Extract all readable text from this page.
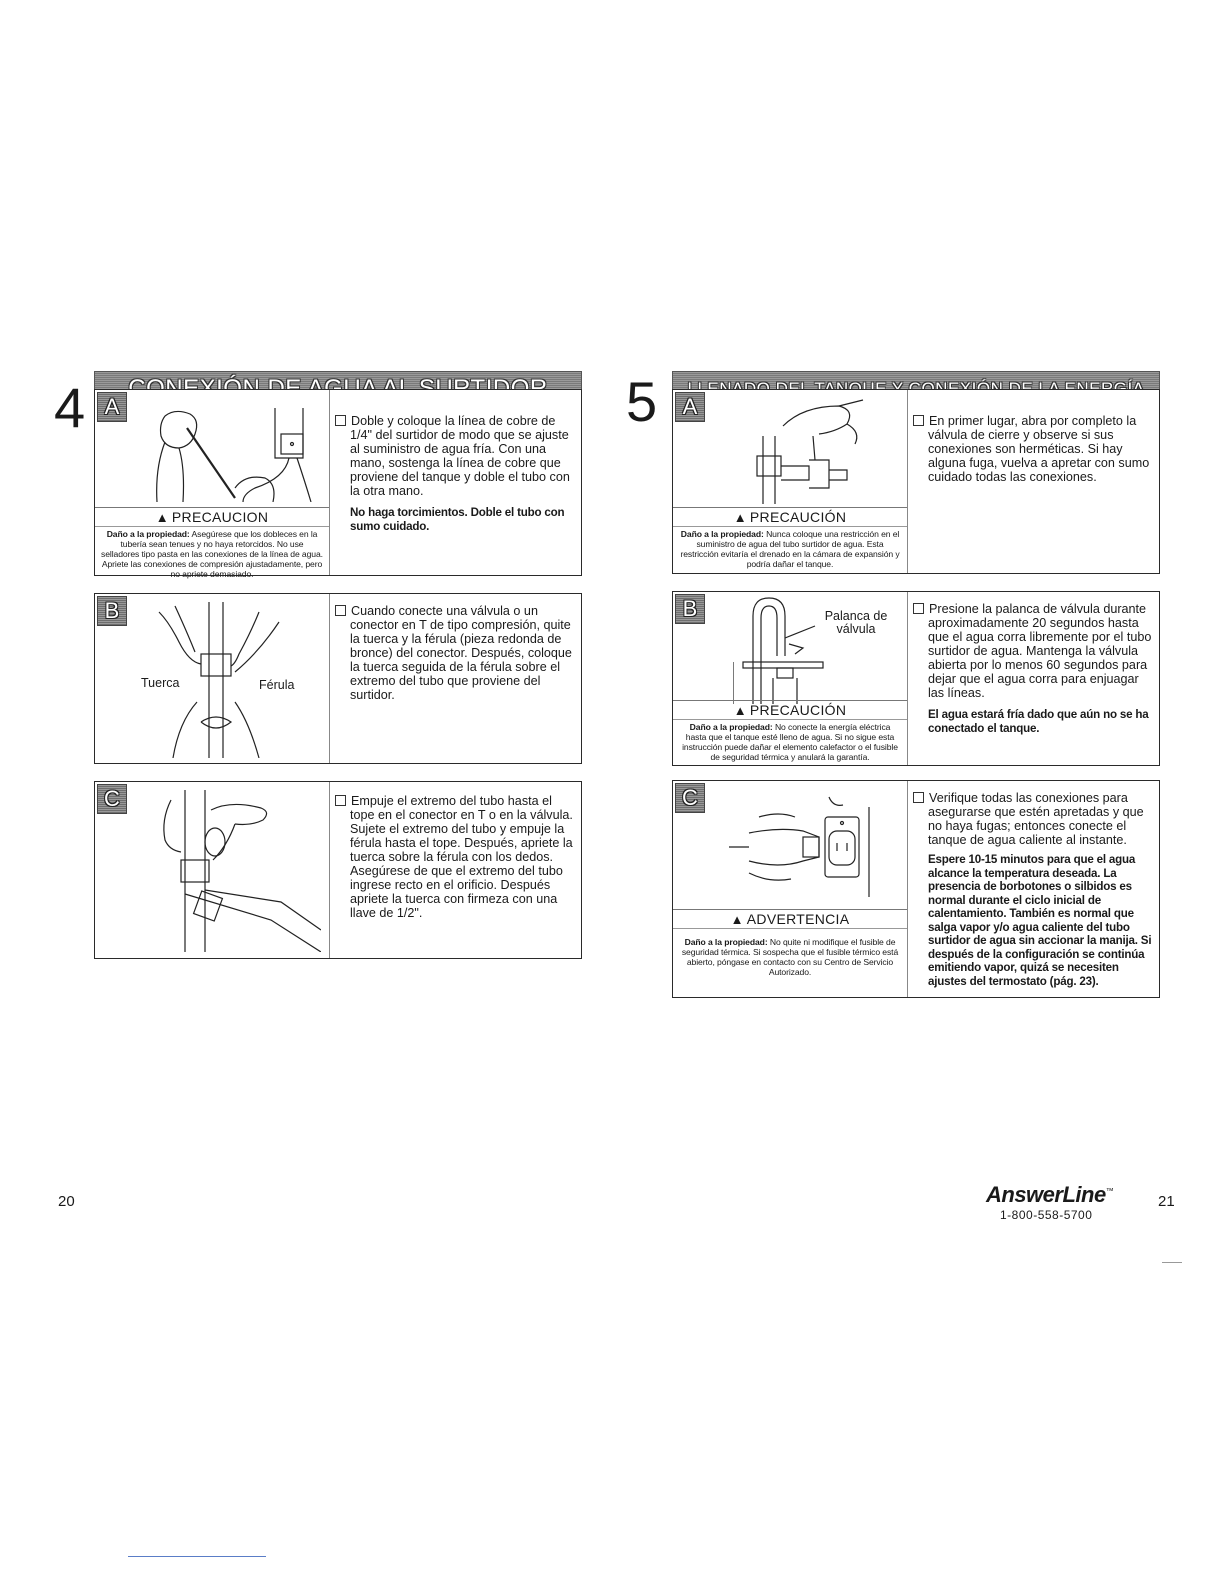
4 A
▲ PRECAUCION
Daño a la propiedad: Asegúrese que los dobleces en la tubería sean tenues y no haya retorcidos. No use selladores tipo pasta en las conexiones de la línea de agua. Apriete las conexiones de compresión ajustadamente, pero no apriete demasiado.

Doble y coloque la línea de cobre de 1/4" del surtidor de modo que se ajuste al suministro de agua fría. Con una mano, sostenga la línea de cobre que proviene del tanque y doble el tubo con la otra mano.

No haga torcimientos. Doble el tubo con sumo cuidado.

B
Tuerca	Férula

Cuando conecte una válvula o un conector en T de tipo compresión, quite la tuerca y la férula (pieza redonda de bronce) del conector. Después, coloque la tuerca seguida de la férula sobre el extremo del tubo que proviene del surtidor.

C	Empuje el extremo del tubo hasta el tope en el conector en T o en la válvula. Sujete el extremo del tubo y empuje la férula hasta el tope. Después, apriete la tuerca sobre la férula con los dedos. Asegúrese de que el extremo del tubo ingrese recto en el orificio. Después apriete la tuerca con firmeza con una llave de 1/2".

20
5 A
▲ PRECAUCIÓN
Daño a la propiedad: Nunca coloque una restricción en el suministro de agua del tubo surtidor de agua. Esta restricción evitaría el drenado en la cámara de expansión y podría dañar el tanque.

En primer lugar, abra por completo la válvula de cierre y observe si sus conexiones son herméticas. Si hay alguna fuga, vuelva a apretar con sumo cuidado todas las conexiones.

B	Palanca de válvula
▲ PRECAUCIÓN
Daño a la propiedad: No conecte la energía eléctrica hasta que el tanque esté lleno de agua. Si no sigue esta instrucción puede dañar el elemento calefactor o el fusible de seguridad térmica y anulará la garantía.

Presione la palanca de válvula durante aproximadamente 20 segundos hasta que el agua corra libremente por el tubo surtidor de agua. Mantenga la válvula abierta por lo menos 60 segundos para dejar que el agua corra para enjuagar las líneas.

El agua estará fría dado que aún no se ha conectado el tanque.

C
▲ ADVERTENCIA
Daño a la propiedad: No quite ni modifique el fusible de seguridad térmica. Si sospecha que el fusible térmico está abierto, póngase en contacto con su Centro de Servicio Autorizado.

Verifique todas las conexiones para asegurarse que estén apretadas y que no haya fugas; entonces conecte el tanque de agua caliente al instante.

Espere 10-15 minutos para que el agua alcance la temperatura deseada. La presencia de borbotones o silbidos es normal durante el ciclo inicial de calentamiento. También es normal que salga vapor y/o agua caliente del tubo surtidor de agua sin accionar la manija. Si después de la configuración se continúa emitiendo vapor, quizá se necesiten ajustes del termostato (pág. 23).

AnswerLine™
1-800-558-5700
21
